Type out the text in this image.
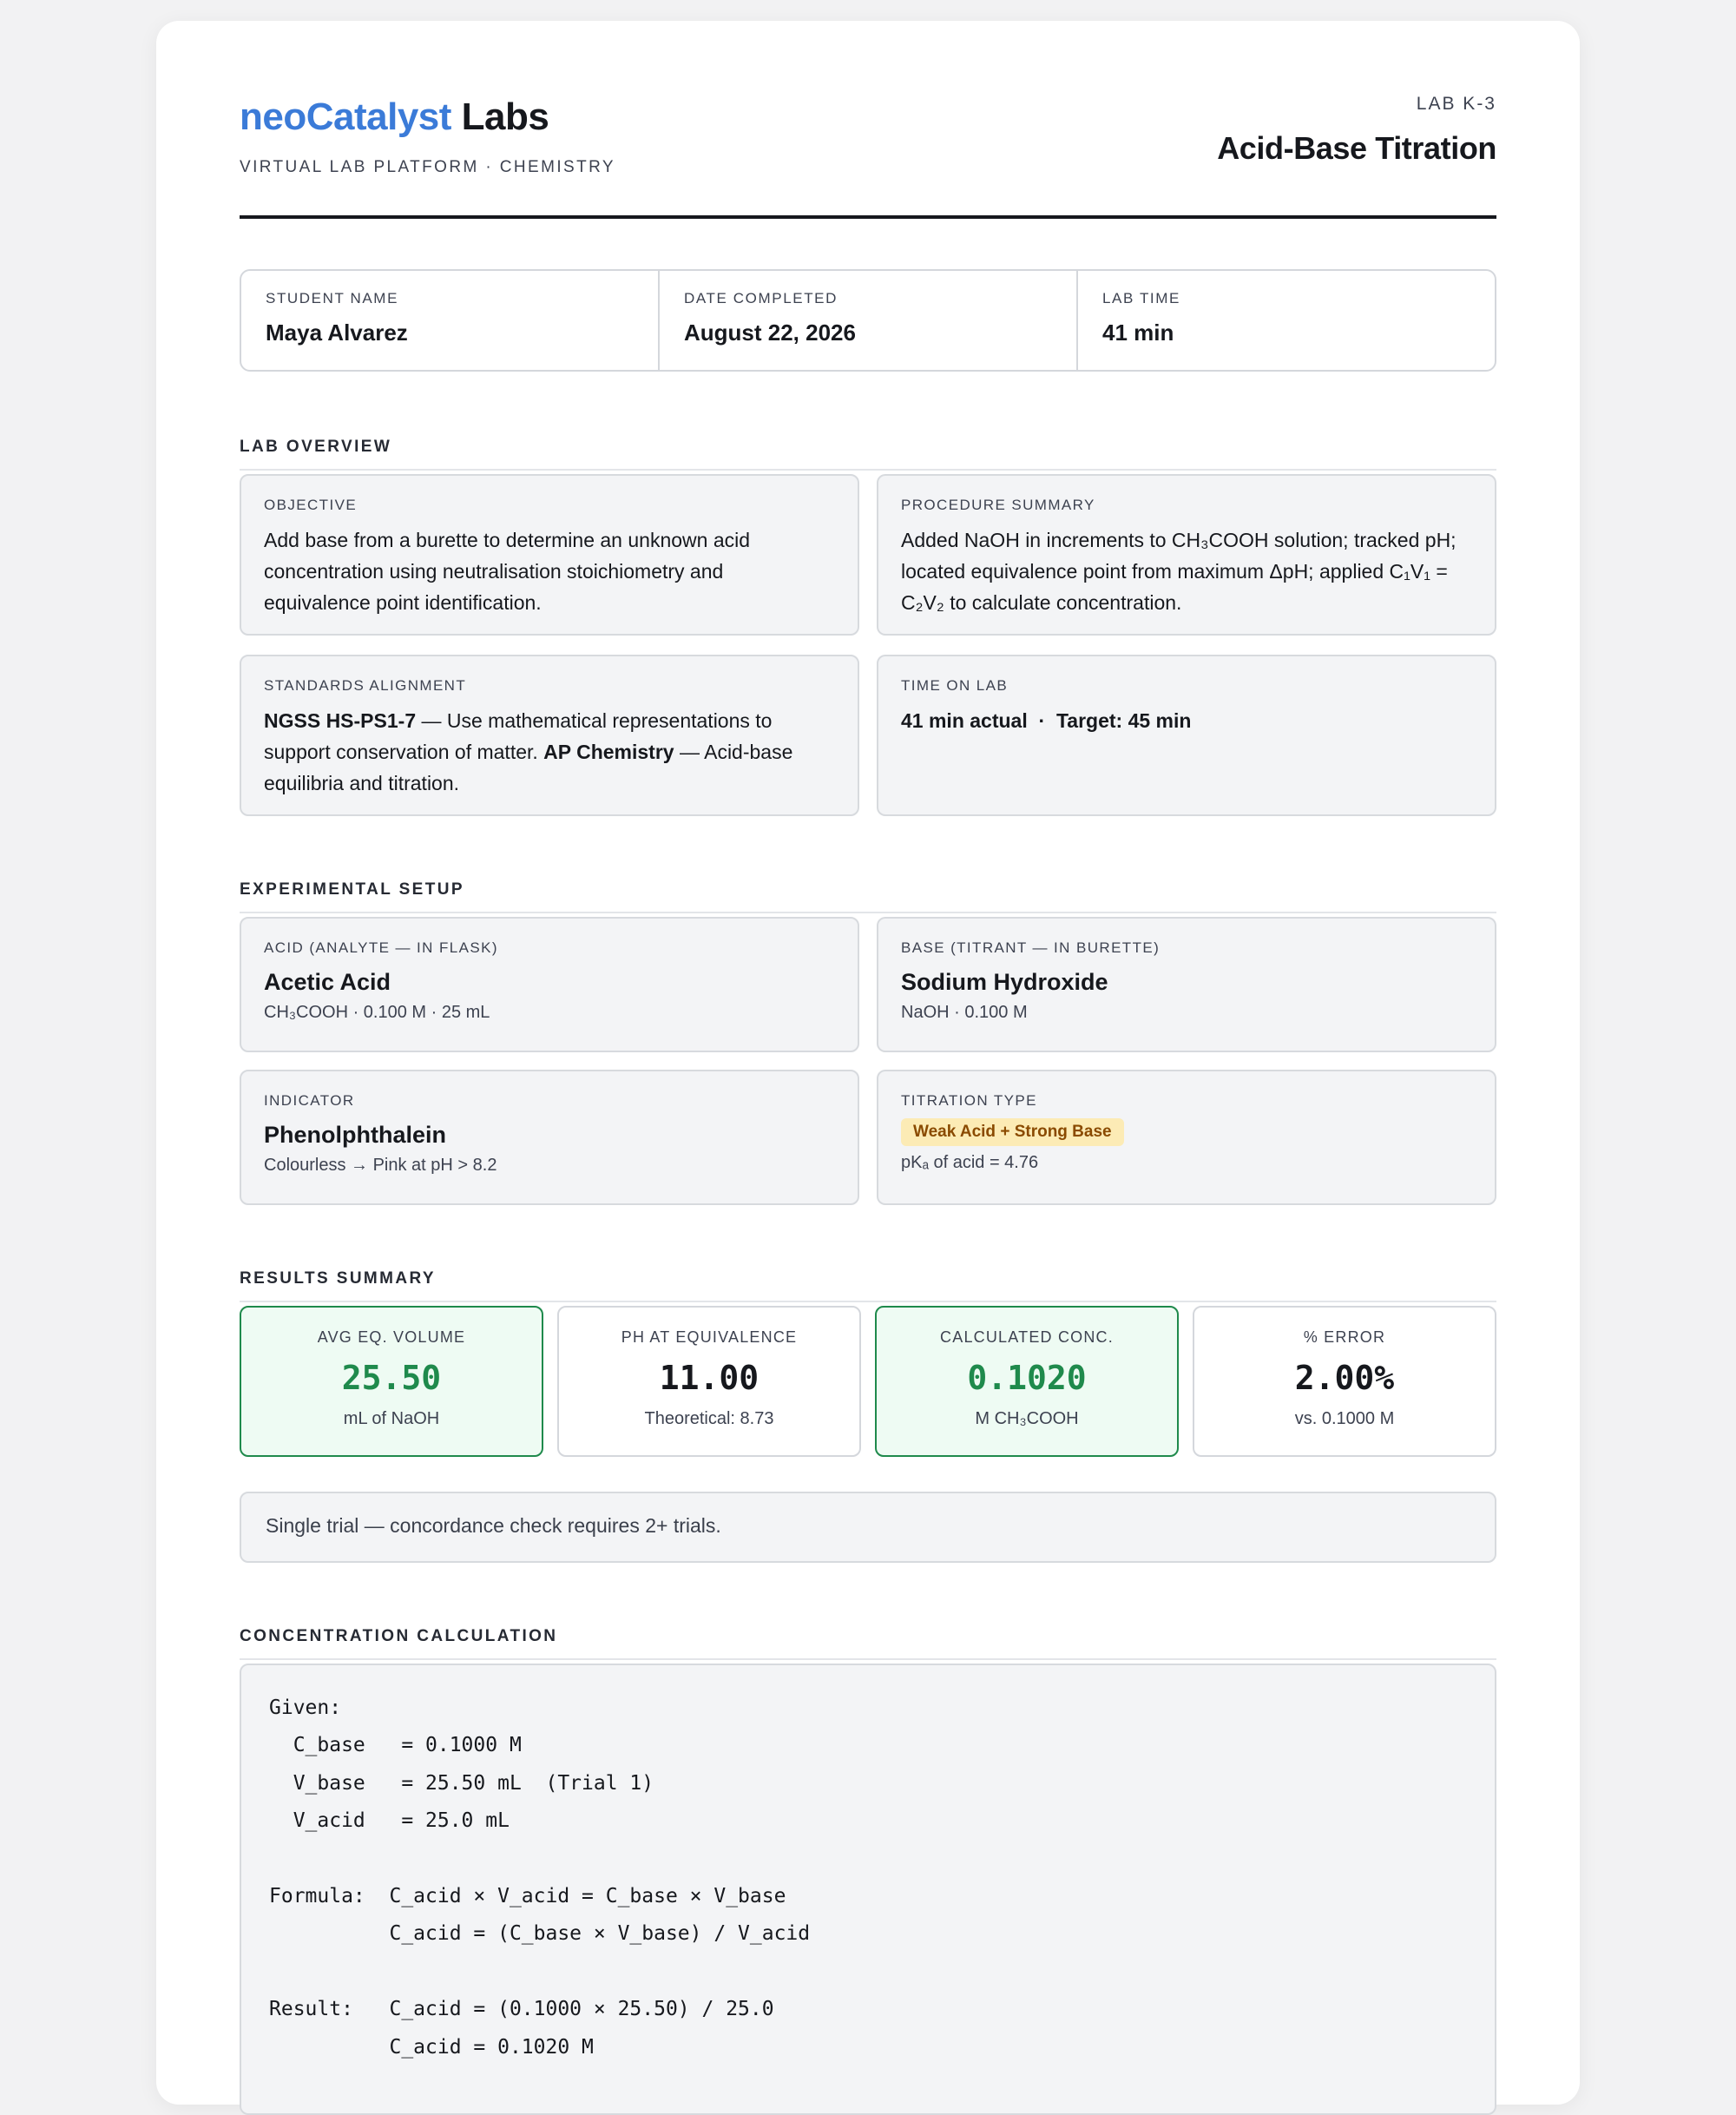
neoCatalyst Labs
VIRTUAL LAB PLATFORM · CHEMISTRY
LAB K-3
Acid-Base Titration
STUDENT NAME
Maya Alvarez
DATE COMPLETED
August 22, 2026
LAB TIME
41 min
LAB OVERVIEW
OBJECTIVE
Add base from a burette to determine an unknown acid concentration using neutralisation stoichiometry and equivalence point identification.
PROCEDURE SUMMARY
Added NaOH in increments to CH₃COOH solution; tracked pH; located equivalence point from maximum ΔpH; applied C₁V₁ = C₂V₂ to calculate concentration.
STANDARDS ALIGNMENT
NGSS HS-PS1-7 — Use mathematical representations to support conservation of matter. AP Chemistry — Acid-base equilibria and titration.
TIME ON LAB
41 min actual  ·  Target: 45 min
EXPERIMENTAL SETUP
ACID (ANALYTE — IN FLASK)
Acetic Acid
CH₃COOH · 0.100 M · 25 mL
BASE (TITRANT — IN BURETTE)
Sodium Hydroxide
NaOH · 0.100 M
INDICATOR
Phenolphthalein
Colourless → Pink at pH > 8.2
TITRATION TYPE
Weak Acid + Strong Base
pKₐ of acid = 4.76
RESULTS SUMMARY
AVG EQ. VOLUME
25.50
mL of NaOH
PH AT EQUIVALENCE
11.00
Theoretical: 8.73
CALCULATED CONC.
0.1020
M CH₃COOH
% ERROR
2.00%
vs. 0.1000 M
Single trial — concordance check requires 2+ trials.
CONCENTRATION CALCULATION
Given:
C_base   = 0.1000 M
V_base   = 25.50 mL  (Trial 1)
V_acid   = 25.0 mL

Formula:  C_acid × V_acid = C_base × V_base
C_acid = (C_base × V_base) / V_acid

Result:   C_acid = (0.1000 × 25.50) / 25.0
C_acid = 0.1020 M
